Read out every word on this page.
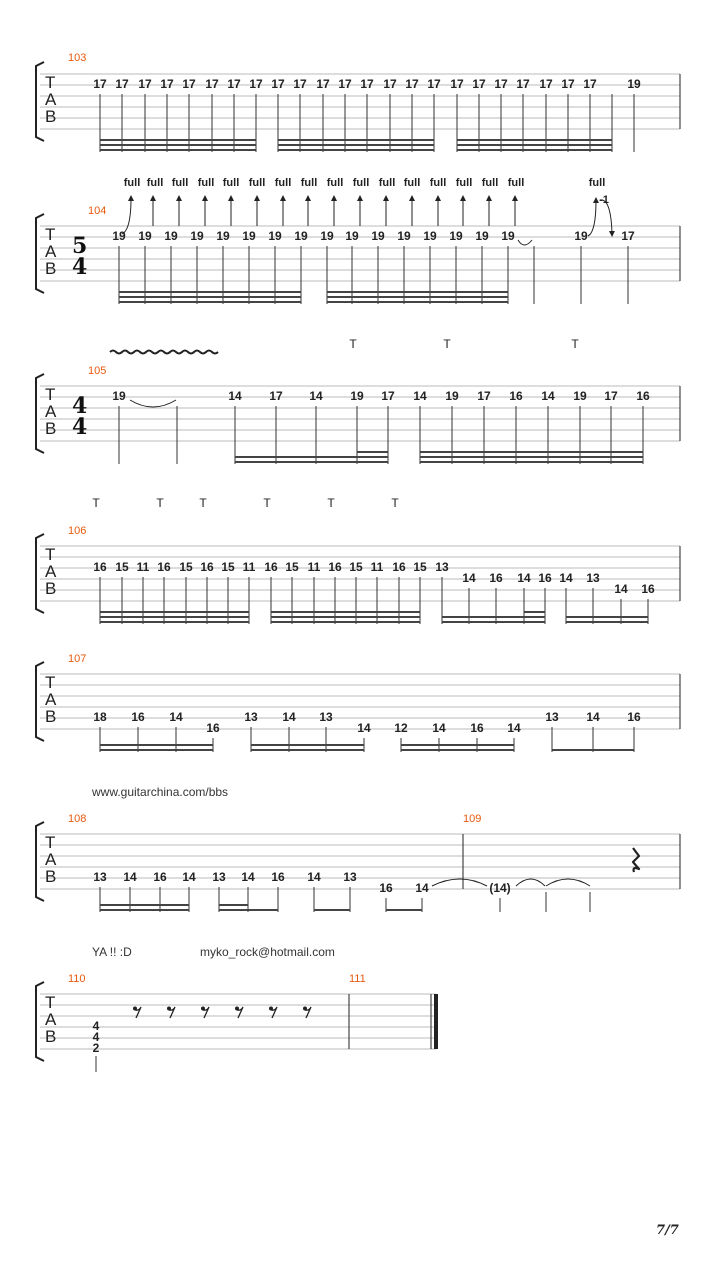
T
A
B
103
17 17 17 17 17 17 17 17 17 17 17 17 17 17 17 17 17 17 17 17 17 17 17	19
T
A
B
104
5
4
full full full full full full full full full full full full full full full full	full
-1
19 19 19 19 19 19 19 19 19 19 19 19 19 19 19 19	19	17
T	T	T
T
A
B
105
4
4
19	14 17 14 19 17 14 19 17 16 14 19 17 16
T	T	T	T	T	T
T
A
B
106
16 15 11 16 15 16 15 11 16 15 11 16 15 11 16 15 13
14 16 14 16 14 13
14 16
T
A
B
107
18 16 14
16
13 14 13
14 12 14 16 14
13 14 16
www.guitarchina.com/bbs
T
A
B
108	109
13 14 16 14 13 14 16 14 13
16 14	(14)
YA !! :D	myko_rock@hotmail.com
T
A
B
110	111
4
4
2
7/7
